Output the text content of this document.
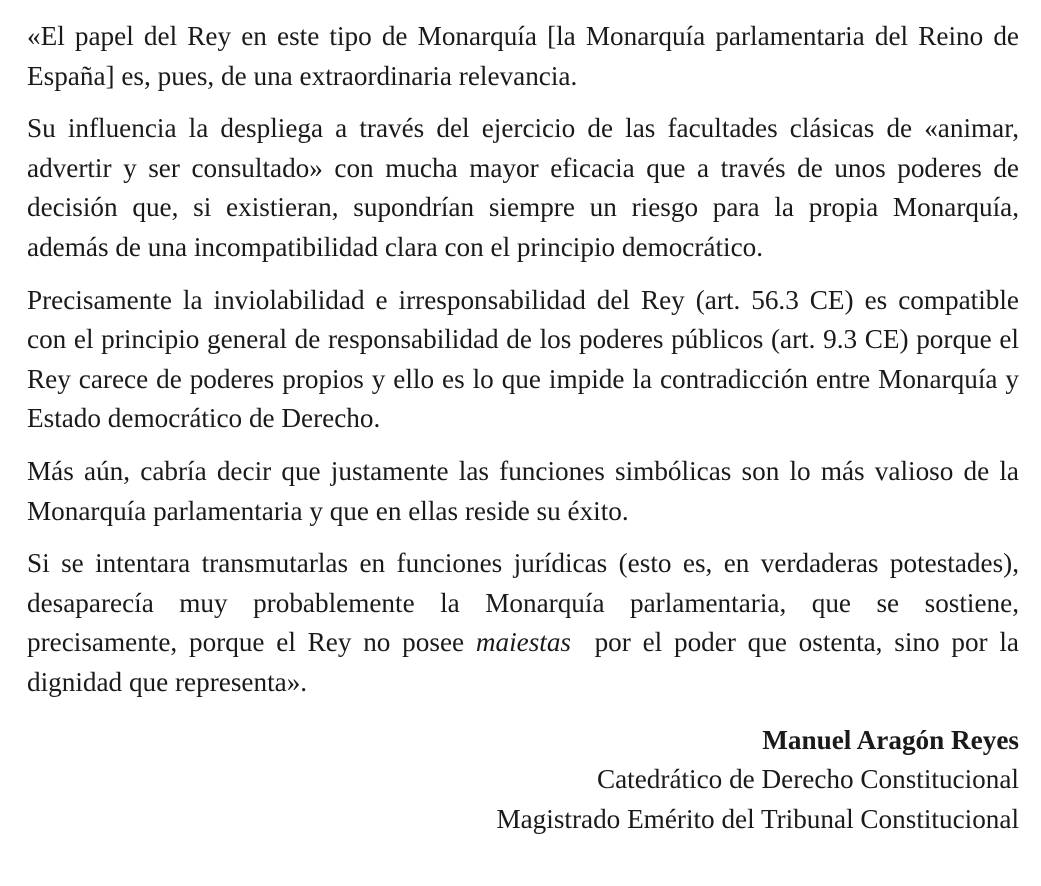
«El papel del Rey en este tipo de Monarquía [la Monarquía parlamentaria del Reino de España] es, pues, de una extraordinaria relevancia.

Su influencia la despliega a través del ejercicio de las facultades clásicas de «animar, advertir y ser consultado» con mucha mayor eficacia que a través de unos poderes de decisión que, si existieran, supondrían siempre un riesgo para la propia Monarquía, además de una incompatibilidad clara con el principio democrático.

Precisamente la inviolabilidad e irresponsabilidad del Rey (art. 56.3 CE) es compatible con el principio general de responsabilidad de los poderes públicos (art. 9.3 CE) porque el Rey carece de poderes propios y ello es lo que impide la contradicción entre Monarquía y Estado democrático de Derecho.

Más aún, cabría decir que justamente las funciones simbólicas son lo más valioso de la Monarquía parlamentaria y que en ellas reside su éxito.

Si se intentara transmutarlas en funciones jurídicas (esto es, en verdaderas potestades), desaparecía muy probablemente la Monarquía parlamentaria, que se sostiene, precisamente, porque el Rey no posee maiestas  por el poder que ostenta, sino por la dignidad que representa».

Manuel Aragón Reyes
Catedrático de Derecho Constitucional
Magistrado Emérito del Tribunal Constitucional
